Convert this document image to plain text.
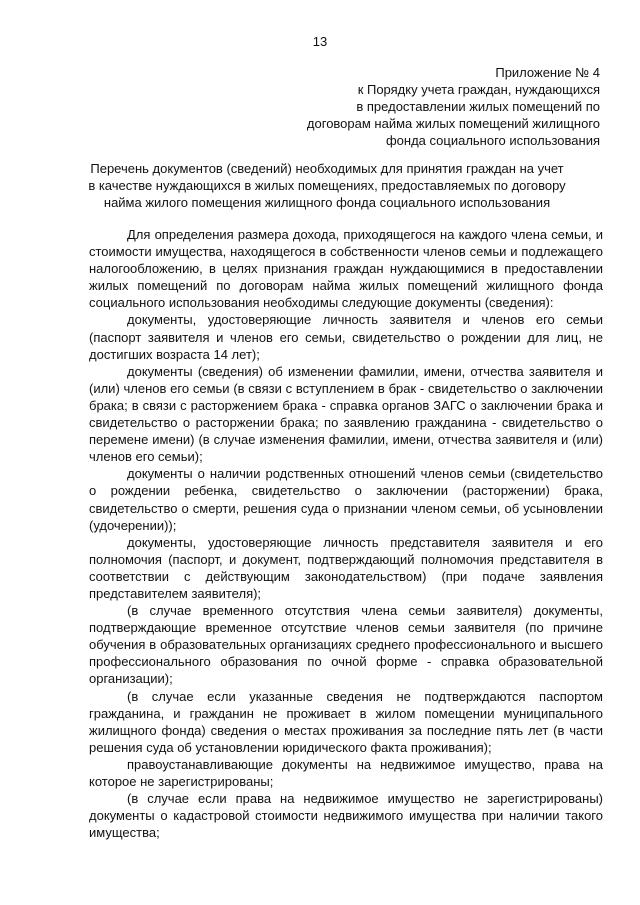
13
Приложение № 4
к Порядку учета граждан, нуждающихся
в предоставлении жилых помещений по
договорам найма жилых помещений жилищного
фонда социального использования
Перечень документов (сведений) необходимых для принятия граждан на учет
в качестве нуждающихся в жилых помещениях, предоставляемых по договору
найма жилого помещения жилищного фонда социального использования

Для определения размера дохода, приходящегося на каждого члена семьи, и стоимости имущества, находящегося в собственности членов семьи и подлежащего налогообложению, в целях признания граждан нуждающимися в предоставлении жилых помещений по договорам найма жилых помещений жилищного фонда социального использования необходимы следующие документы (сведения):

документы, удостоверяющие личность заявителя и членов его семьи (паспорт заявителя и членов его семьи, свидетельство о рождении для лиц, не достигших возраста 14 лет);

документы (сведения) об изменении фамилии, имени, отчества заявителя и (или) членов его семьи (в связи с вступлением в брак - свидетельство о заключении брака; в связи с расторжением брака - справка органов ЗАГС о заключении брака и свидетельство о расторжении брака; по заявлению гражданина - свидетельство о перемене имени) (в случае изменения фамилии, имени, отчества заявителя и (или) членов его семьи);

документы о наличии родственных отношений членов семьи (свидетельство о рождении ребенка, свидетельство о заключении (расторжении) брака, свидетельство о смерти, решения суда о признании членом семьи, об усыновлении (удочерении));

документы, удостоверяющие личность представителя заявителя и его полномочия (паспорт, и документ, подтверждающий полномочия представителя в соответствии с действующим законодательством) (при подаче заявления представителем заявителя);

(в случае временного отсутствия члена семьи заявителя) документы, подтверждающие временное отсутствие членов семьи заявителя (по причине обучения в образовательных организациях среднего профессионального и высшего профессионального образования по очной форме - справка образовательной организации);

(в случае если указанные сведения не подтверждаются паспортом гражданина, и гражданин не проживает в жилом помещении муниципального жилищного фонда) сведения о местах проживания за последние пять лет (в части решения суда об установлении юридического факта проживания);

правоустанавливающие документы на недвижимое имущество, права на которое не зарегистрированы;

(в случае если права на недвижимое имущество не зарегистрированы) документы о кадастровой стоимости недвижимого имущества при наличии такого имущества;
